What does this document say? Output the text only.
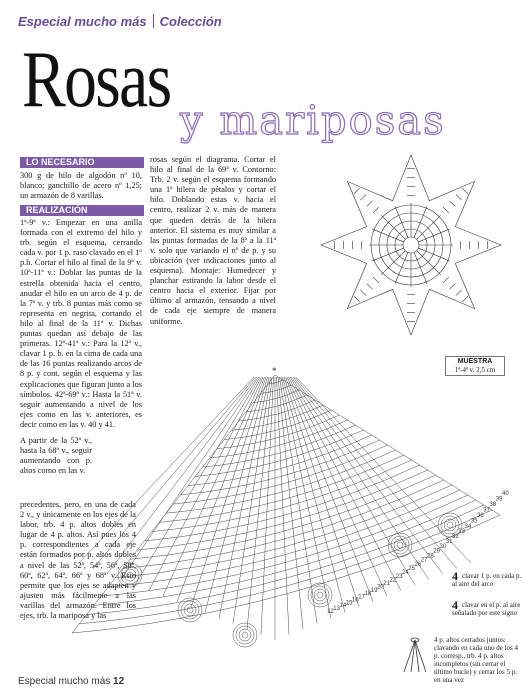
Especial mucho más Colección
Rosas y mariposas
MUESTRA
1ª-4ª v. 2,5 cm
LO NECESARIO
300 g de hilo de algodón nº 10, blanco; ganchillo de acero nº 1,25; un armazón de 8 varillas.
REALIZACIÓN
1ª-9ª v.: Empezar en una anilla formada con el extremo del hilo y trb. según el esquema, cerrando cada v. por 1 p. raso clavado en el 1º p.b. Cortar el hilo al final de la 9ª v. 10ª-11ª v.: Doblar las puntas de la estrella obtenida hacia el centro, anudar el hilo en un arco de 4 p. de la 7ª v. y trb. 8 puntas más como se representa en negrita, cortando el hilo al final de la 11ª v. Dichas puntas quedan así debajo de las primeras. 12ª-41ª v.: Para la 12ª v., clavar 1 p. b. en la cima de cada una de las 16 puntas realizando arcos de 8 p. y cont. según el esquema y las explicaciones que figuran junto a los símbolos. 42ª-69ª v.: Hasta la 51ª v. seguir aumentando a nivel de los ejes como en las v. anteriores, es decir como en las v. 40 y 41.
A partir de la 52ª v., hasta la 68ª v., seguir aumentando con p. altos como en las v.
precedentes, pero, en una de cada 2 v., y únicamente en los ejes de la labor, trb. 4 p. altos dobles en lugar de 4 p. altos. Así pues los 4 p. correspondientes a cada eje están formados por p. altos dobles a nivel de las 52ª, 54ª, 56ª, 58ª, 60ª, 62ª, 64ª, 66ª y 68ª v. Esto permite que los ejes se adapten y ajusten más fácilmente a las varillas del armazón. Entre los ejes, trb. la mariposa y las
rosas según el diagrama. Cortar el hilo al final de la 69ª v. Contorno: Trb. 2 v. según el esquema formando una 1ª hilera de pétalos y cortar el hilo. Doblando estas v. hacia el centro, realizar 2 v. más de manera que queden detrás de la hilera anterior. El sistema es muy similar a las puntas formadas de la 8ª a la 11ª v. solo que variando el nº de p. y su ubicación (ver indicaciones junto al esquema). Montaje: Humedecer y planchar estirando la labor desde el centro hacia el exterior. Fijar por último al armazón, tensando a nivel de cada eje siempre de manera uniforme.
*
40
39
38
37
36
35
34
33
32
31
30
29
28
27
26
25
24
23
22
21
20
19
18
17
16
15
14
13
12
4 clavar 1 p. en cada p. al aire del arco
4 clavar en el p. al aire señalado por este signo
4 p. altos cerrados juntos: clavando en cada uno de los 4 p. corresp., trb. 4 p. altos incompletos (sin cerrar el último bucle) y cerrar los 5 p. en una vez
Especial mucho más 12
